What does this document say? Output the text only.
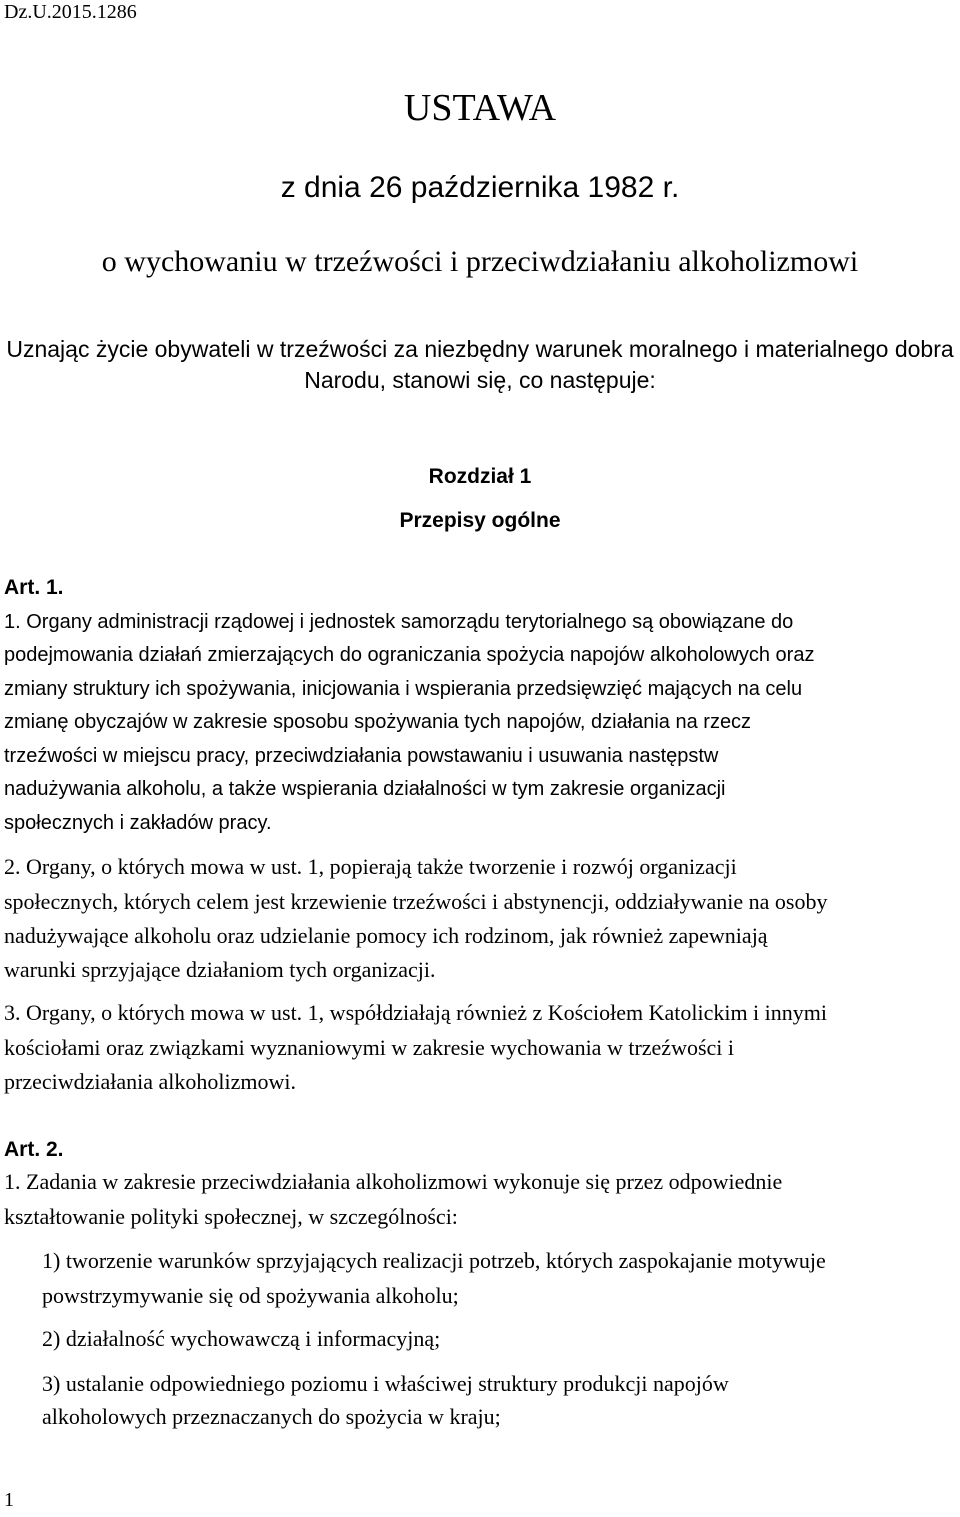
Dz.U.2015.1286
USTAWA
z dnia 26 października 1982 r.
o wychowaniu w trzeźwości i przeciwdziałaniu alkoholizmowi
Uznając życie obywateli w trzeźwości za niezbędny warunek moralnego i materialnego dobra
Narodu, stanowi się, co następuje:
Rozdział 1
Przepisy ogólne
Art. 1.
1. Organy administracji rządowej i jednostek samorządu terytorialnego są obowiązane do
podejmowania działań zmierzających do ograniczania spożycia napojów alkoholowych oraz
zmiany struktury ich spożywania, inicjowania i wspierania przedsięwzięć mających na celu
zmianę obyczajów w zakresie sposobu spożywania tych napojów, działania na rzecz
trzeźwości w miejscu pracy, przeciwdziałania powstawaniu i usuwania następstw
nadużywania alkoholu, a także wspierania działalności w tym zakresie organizacji
społecznych i zakładów pracy.
2. Organy, o których mowa w ust. 1, popierają także tworzenie i rozwój organizacji
społecznych, których celem jest krzewienie trzeźwości i abstynencji, oddziaływanie na osoby
nadużywające alkoholu oraz udzielanie pomocy ich rodzinom, jak również zapewniają
warunki sprzyjające działaniom tych organizacji.
3. Organy, o których mowa w ust. 1, współdziałają również z Kościołem Katolickim i innymi
kościołami oraz związkami wyznaniowymi w zakresie wychowania w trzeźwości i
przeciwdziałania alkoholizmowi.
Art. 2.
1. Zadania w zakresie przeciwdziałania alkoholizmowi wykonuje się przez odpowiednie
kształtowanie polityki społecznej, w szczególności:
1) tworzenie warunków sprzyjających realizacji potrzeb, których zaspokajanie motywuje
powstrzymywanie się od spożywania alkoholu;
2) działalność wychowawczą i informacyjną;
3) ustalanie odpowiedniego poziomu i właściwej struktury produkcji napojów
alkoholowych przeznaczanych do spożycia w kraju;
1
